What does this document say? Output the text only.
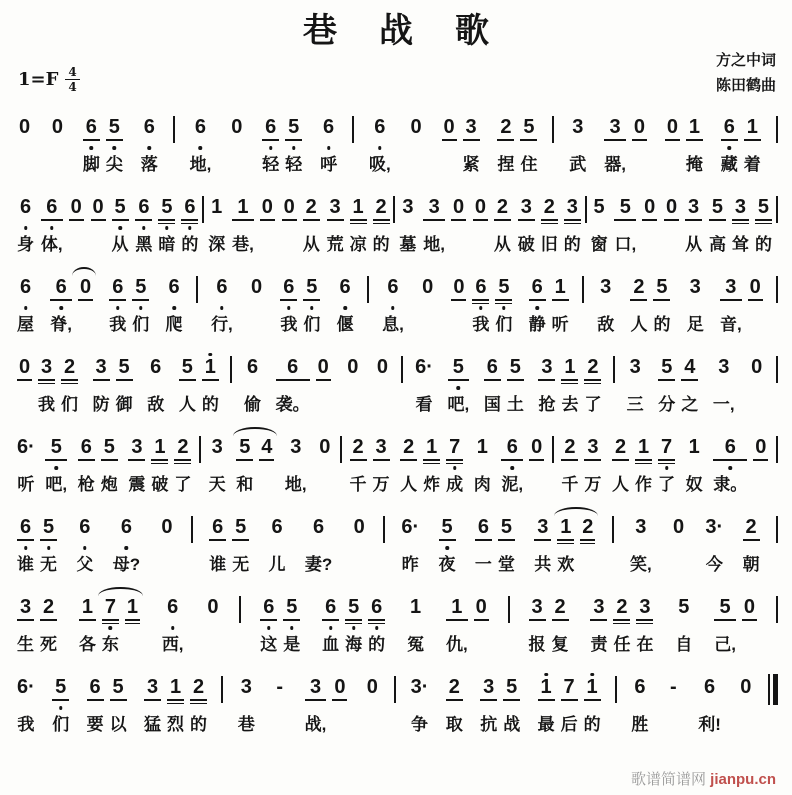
巷战歌
$1=F \frac{4}{4}$
方之中词
陈田鹤曲
0 0 6
脚
5
尖
6
落
6
地,
0 6
轻
5
轻
6
呼
6
吸,
0 0 3
紧
2
捏
5
住
3
武
3
器,
0 0 1
掩
6
藏
1
着
6
身
6
体,
0 0 5
从
6
黑
5
暗
6
的
1
深
1
巷,
0 0 2
从
3
荒
1
凉
2
的
3
墓
3
地,
0 0 2
从
3
破
2
旧
3
的
5
窗
5
口,
0 0 3
从
5
高
3
耸
5
的
6
屋
6
脊,
0 6
我
5
们
6
爬
6
行,
0 6
我
5
们
6
偃
6
息,
0 0 6
我
5
们
6
静
1
听
3
敌
2
人
5
的
3
足
3
音,
0
0 3
我
2
们
3
防
5
御
6
敌
5
人
1
的
6
偷
6
袭。
0 0 0 6·
看
5
吧,
6
国
5
土
3
抢
1
去
2
了
3
三
5
分
4
之
3
一,
0
6·
听
5
吧,
6
枪
5
炮
3
震
1
破
2
了
3
天
5
和
4 3
地,
0 2
千
3
万
2
人
1
炸
7
成
1
肉
6
泥,
0 2
千
3
万
2
人
1
作
7
了
1
奴
6
隶。
0
6
谁
5
无
6
父
6
母?
0 6
谁
5
无
6
儿
6
妻?
0 6·
昨
5
夜
6
一
5
堂
3
共
1
欢
2 3
笑,
0 3·
今
2
朝
3
生
2
死
1
各
7
东
1 6
西,
0 6
这
5
是
6
血
5
海
6
的
1
冤
1
仇,
0 3
报
2
复
3
责
2
任
3
在
5
自
5
己,
0
6·
我
5
们
6
要
5
以
3
猛
1
烈
2
的
3
巷
- 3
战,
0 0 3·
争
2
取
3
抗
5
战
1
最
7
后
1
的
6
胜
- 6
利!
0
歌谱简谱网 jianpu.cn
